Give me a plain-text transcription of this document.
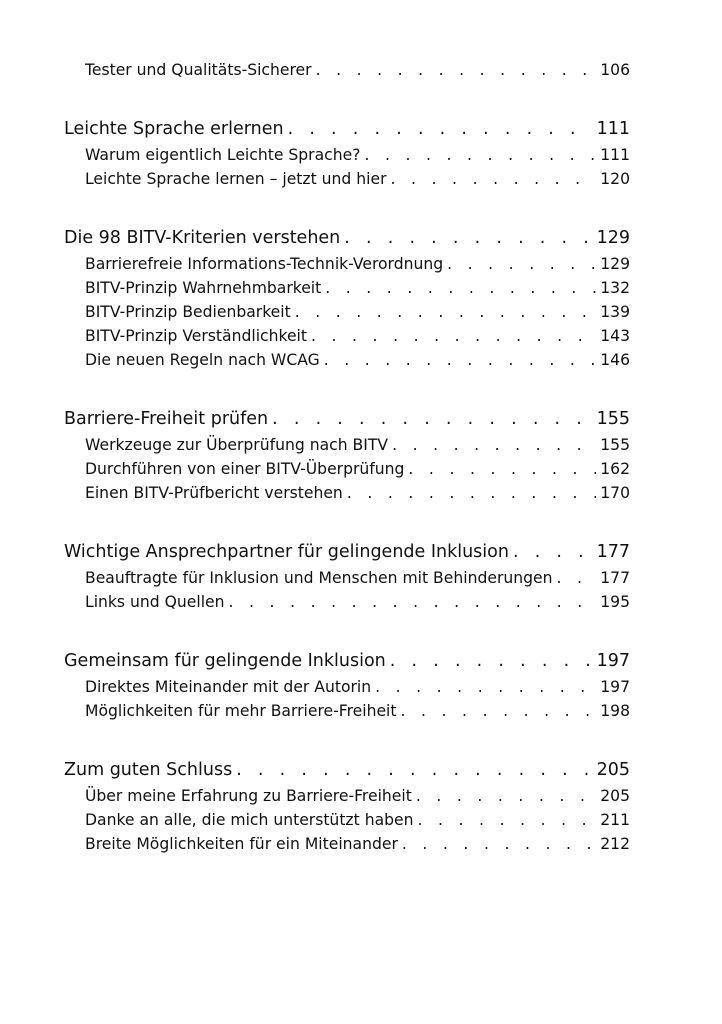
Tester und Qualitäts-Sicherer . . .	106
Leichte Sprache erlernen . . .	111
Warum eigentlich Leichte Sprache? . . .	111
Leichte Sprache lernen – jetzt und hier . . .	120
Die 98 BITV-Kriterien verstehen . . .	129
Barrierefreie Informations-Technik-Verordnung . . .	129
BITV-Prinzip Wahrnehmbarkeit . . .	132
BITV-Prinzip Bedienbarkeit . . .	139
BITV-Prinzip Verständlichkeit . . .	143
Die neuen Regeln nach WCAG . . .	146
Barriere-Freiheit prüfen . . .	155
Werkzeuge zur Überprüfung nach BITV . . .	155
Durchführen von einer BITV-Überprüfung . . .	162
Einen BITV-Prüfbericht verstehen . . .	170
Wichtige Ansprechpartner für gelingende Inklusion . . .	177
Beauftragte für Inklusion und Menschen mit Behinderungen . . .	177
Links und Quellen . . .	195
Gemeinsam für gelingende Inklusion . . .	197
Direktes Miteinander mit der Autorin . . .	197
Möglichkeiten für mehr Barriere-Freiheit . . .	198
Zum guten Schluss . . .	205
Über meine Erfahrung zu Barriere-Freiheit . . .	205
Danke an alle, die mich unterstützt haben . . .	211
Breite Möglichkeiten für ein Miteinander . . .	212
